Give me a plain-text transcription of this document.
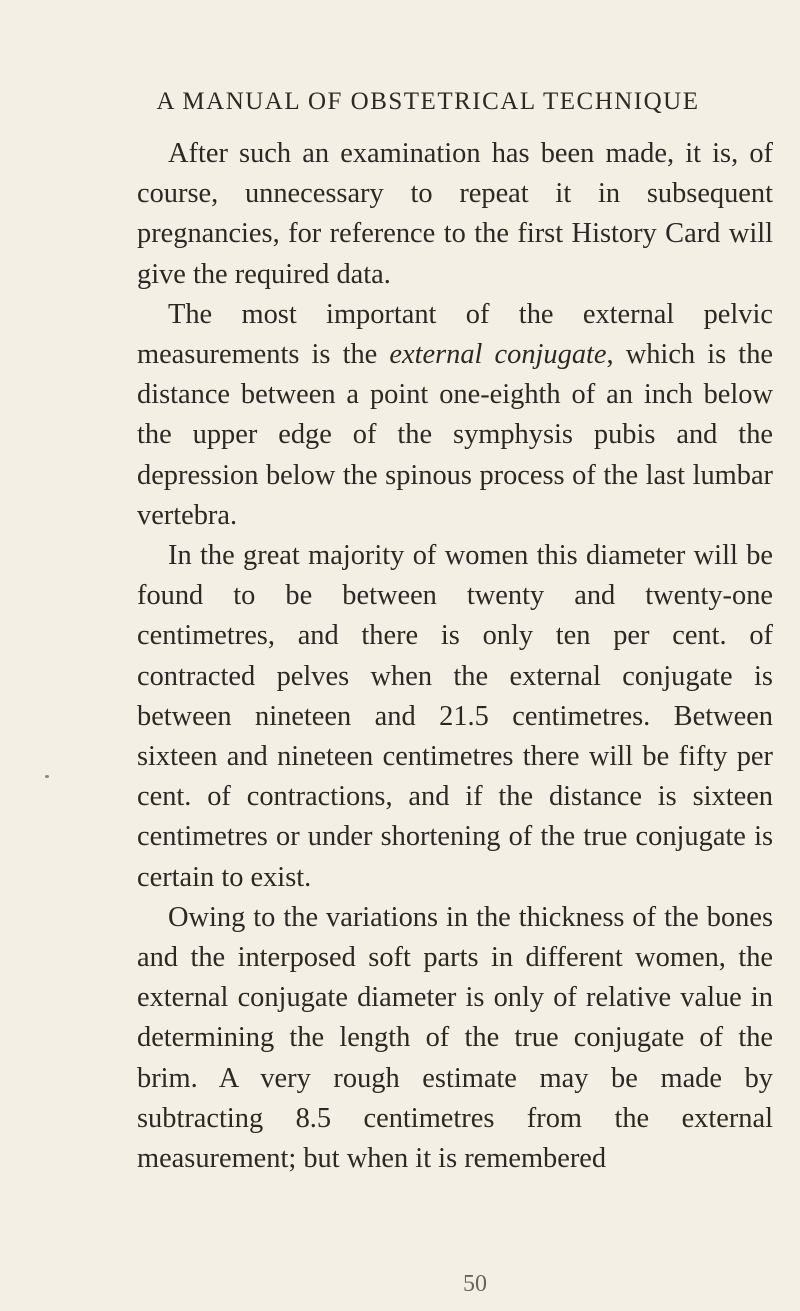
A MANUAL OF OBSTETRICAL TECHNIQUE

After such an examination has been made, it is, of course, unnecessary to repeat it in subsequent pregnancies, for reference to the first History Card will give the required data.

The most important of the external pelvic measurements is the external conjugate, which is the distance between a point one-eighth of an inch below the upper edge of the symphysis pubis and the depression below the spinous process of the last lumbar vertebra.

In the great majority of women this diameter will be found to be between twenty and twenty-one centimetres, and there is only ten per cent. of contracted pelves when the external conjugate is between nineteen and 21.5 centimetres. Between sixteen and nineteen centimetres there will be fifty per cent. of contractions, and if the distance is sixteen centimetres or under shortening of the true conjugate is certain to exist.

Owing to the variations in the thickness of the bones and the interposed soft parts in different women, the external conjugate diameter is only of relative value in determining the length of the true conjugate of the brim. A very rough estimate may be made by subtracting 8.5 centimetres from the external measurement; but when it is remembered

50
